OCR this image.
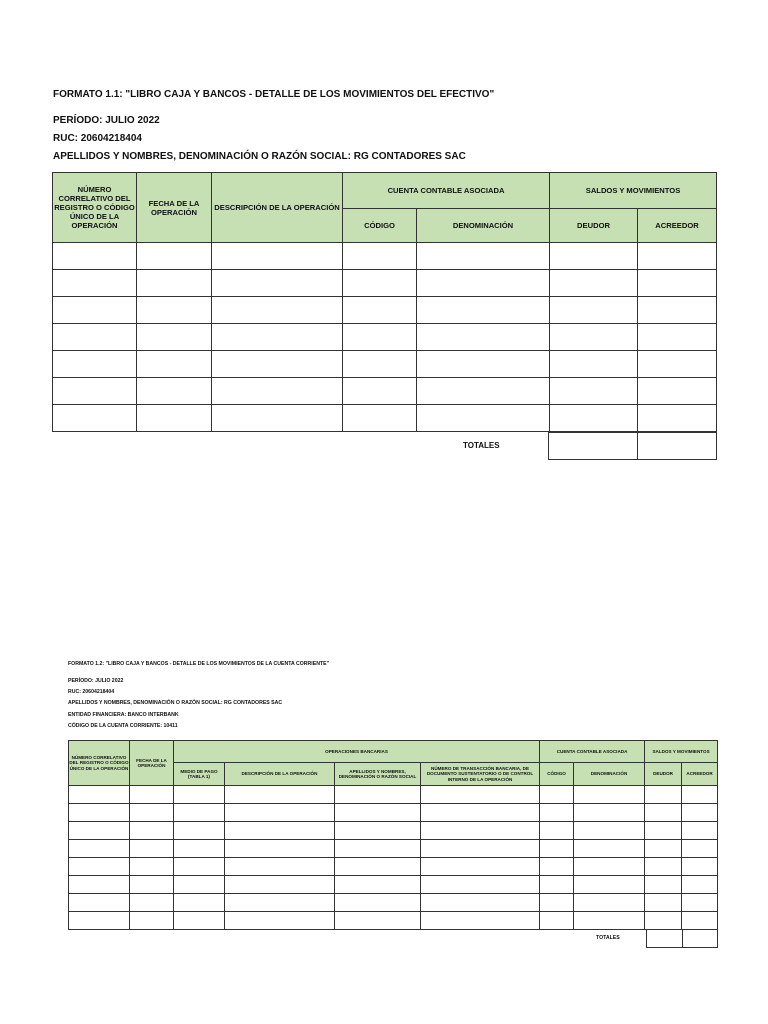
FORMATO 1.1: "LIBRO CAJA Y BANCOS - DETALLE DE LOS MOVIMIENTOS DEL EFECTIVO"
PERÍODO: JULIO 2022
RUC: 20604218404
APELLIDOS Y NOMBRES, DENOMINACIÓN O RAZÓN SOCIAL: RG CONTADORES SAC
NÚMERO CORRELATIVO DEL REGISTRO O CÓDIGO ÚNICO DE LA OPERACIÓN	FECHA DE LA OPERACIÓN	DESCRIPCIÓN DE LA OPERACIÓN	CUENTA CONTABLE ASOCIADA		SALDOS Y MOVIMIENTOS	
			CÓDIGO	DENOMINACIÓN	DEUDOR	ACREEDOR

TOTALES

FORMATO 1.2: "LIBRO CAJA Y BANCOS - DETALLE DE LOS MOVIMIENTOS DE LA CUENTA CORRIENTE"
PERÍODO: JULIO 2022
RUC: 20604218404
APELLIDOS Y NOMBRES, DENOMINACIÓN O RAZÓN SOCIAL: RG CONTADORES SAC
ENTIDAD FINANCIERA: BANCO INTERBANK
CÓDIGO DE LA CUENTA CORRIENTE: 10411
NÚMERO CORRELATIVO DEL REGISTRO O CÓDIGO ÚNICO DE LA OPERACIÓN	FECHA DE LA OPERACIÓN	OPERACIONES BANCARIAS				CUENTA CONTABLE ASOCIADA		SALDOS Y MOVIMIENTOS	
		MEDIO DE PAGO (TABLA 1)	DESCRIPCIÓN DE LA OPERACIÓN	APELLIDOS Y NOMBRES, DENOMINACIÓN O RAZÓN SOCIAL	NÚMERO DE TRANSACCIÓN BANCARIA, DE DOCUMENTO SUSTENTATORIO O DE CONTROL INTERNO DE LA OPERACIÓN	CÓDIGO	DENOMINACIÓN	DEUDOR	ACREEDOR

TOTALES
